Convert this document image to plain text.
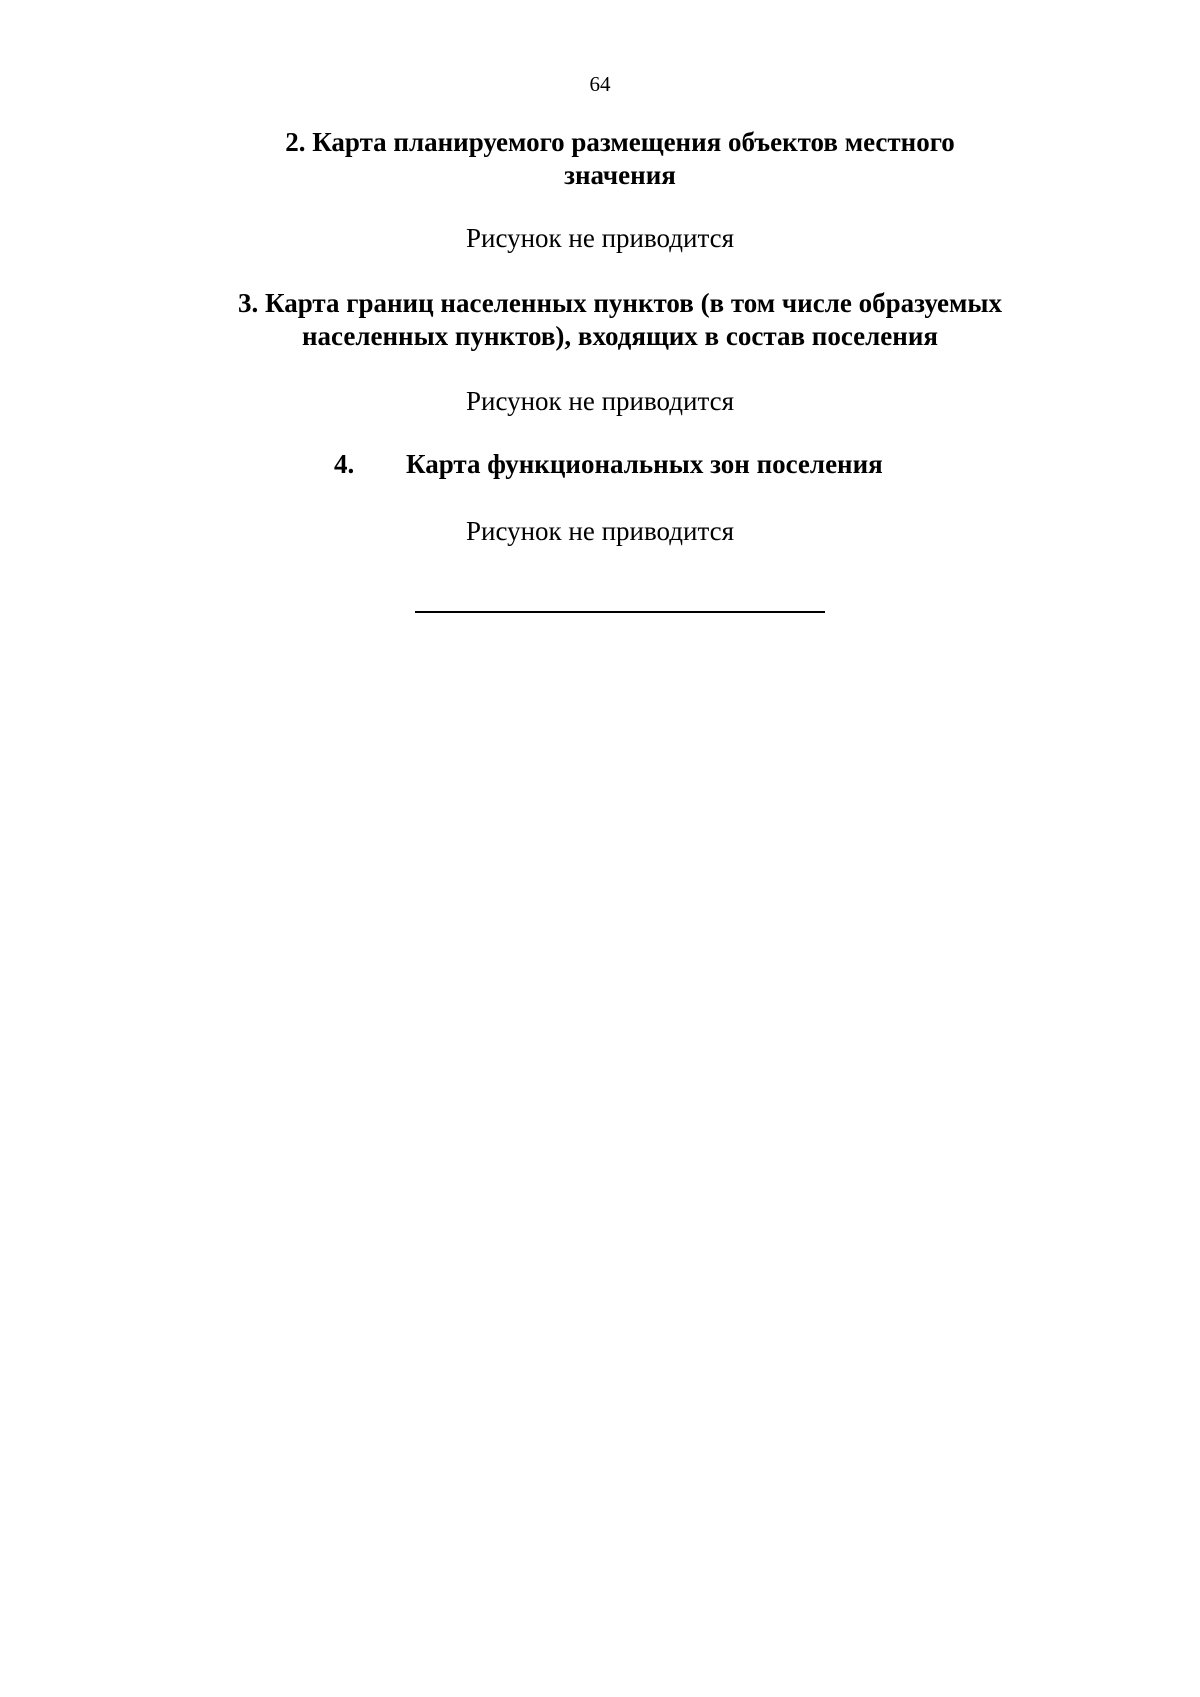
64
2. Карта планируемого размещения объектов местного
значения
Рисунок не приводится
3. Карта границ населенных пунктов (в том числе образуемых
населенных пунктов), входящих в состав поселения
Рисунок не приводится
4. Карта функциональных зон поселения
Рисунок не приводится
